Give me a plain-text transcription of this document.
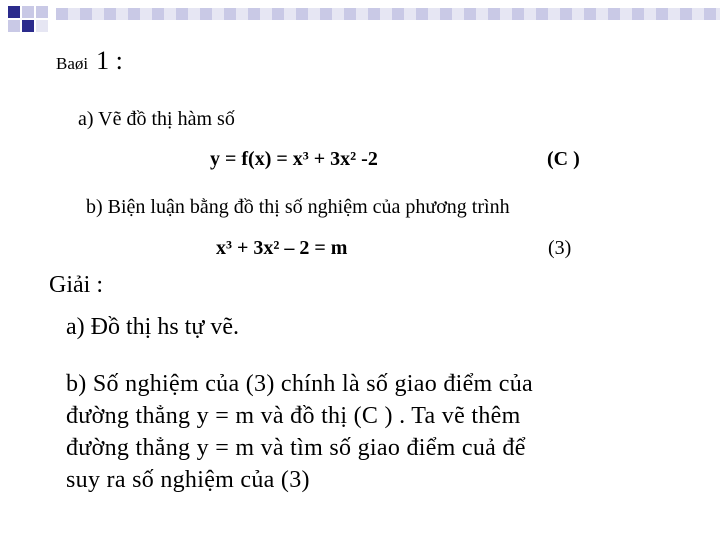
Baøi 1 :
a) Vẽ đồ thị hàm số
y = f(x) = x³ + 3x² -2	(C )
b) Biện luận bằng đồ thị số nghiệm của phương trình
x³ + 3x² – 2 = m	(3)
Giải :
a) Đồ thị hs tự vẽ.
b) Số nghiệm của (3) chính là số giao điểm của
đường thẳng y = m và đồ thị (C ) . Ta vẽ thêm
đường thẳng y = m và tìm số giao điểm cuả để
suy ra số nghiệm của (3)
